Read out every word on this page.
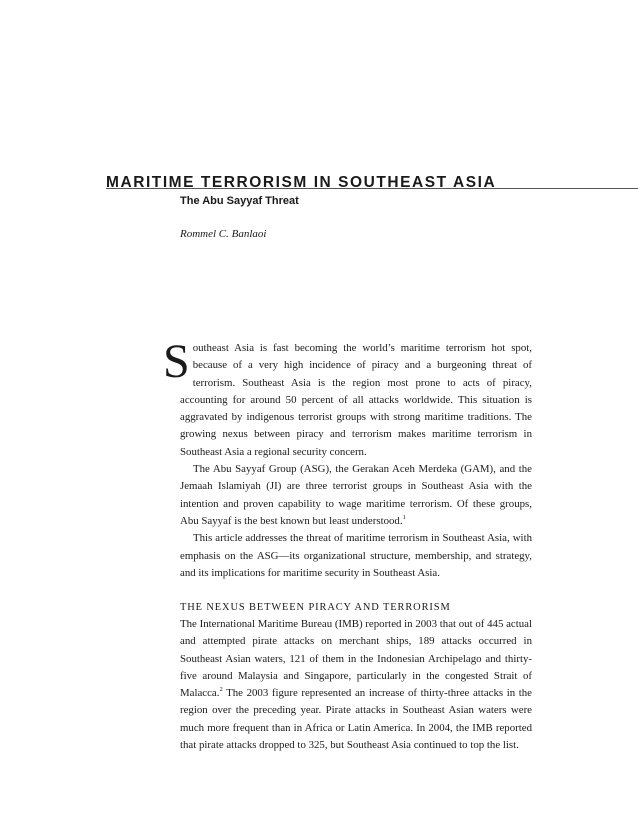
MARITIME TERRORISM IN SOUTHEAST ASIA
The Abu Sayyaf Threat

Rommel C. Banlaoi

Southeast Asia is fast becoming the world’s maritime terrorism hot spot, because of a very high incidence of piracy and a burgeoning threat of terrorism. Southeast Asia is the region most prone to acts of piracy, accounting for around 50 percent of all attacks worldwide. This situation is aggravated by indigenous terrorist groups with strong maritime traditions. The growing nexus between piracy and terrorism makes maritime terrorism in Southeast Asia a regional security concern.

The Abu Sayyaf Group (ASG), the Gerakan Aceh Merdeka (GAM), and the Jemaah Islamiyah (JI) are three terrorist groups in Southeast Asia with the intention and proven capability to wage maritime terrorism. Of these groups, Abu Sayyaf is the best known but least understood.$^1$

This article addresses the threat of maritime terrorism in Southeast Asia, with emphasis on the ASG—its organizational structure, membership, and strategy, and its implications for maritime security in Southeast Asia.

THE NEXUS BETWEEN PIRACY AND TERRORISM

The International Maritime Bureau (IMB) reported in 2003 that out of 445 actual and attempted pirate attacks on merchant ships, 189 attacks occurred in Southeast Asian waters, 121 of them in the Indonesian Archipelago and thirty-five around Malaysia and Singapore, particularly in the congested Strait of Malacca.$^2$ The 2003 figure represented an increase of thirty-three attacks in the region over the preceding year. Pirate attacks in Southeast Asian waters were much more frequent than in Africa or Latin America. In 2004, the IMB reported that pirate attacks dropped to 325, but Southeast Asia continued to top the list.
